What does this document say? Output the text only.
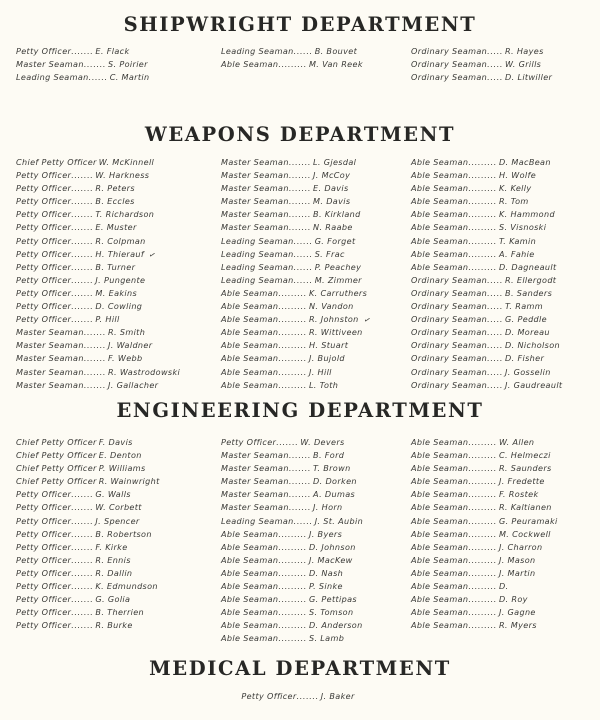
SHIPWRIGHT DEPARTMENT
Petty Officer ....... E. Flack
Master Seaman ....... S. Poirier
Leading Seaman ...... C. Martin
Leading Seaman ...... B. Bouvet
Able Seaman ......... M. Van Reek
Ordinary Seaman ..... R. Hayes
Ordinary Seaman ..... W. Grills
Ordinary Seaman ..... D. Litwiller
WEAPONS DEPARTMENT
Chief Petty Officer W. McKinnell
Petty Officer ....... W. Harkness
Petty Officer ....... R. Peters
Petty Officer ....... B. Eccles
Petty Officer ....... T. Richardson
Petty Officer ....... E. Muster
Petty Officer ....... R. Colpman
Petty Officer ....... H. Thierauf ✓
Petty Officer ....... B. Turner
Petty Officer ....... J. Pungente
Petty Officer ....... M. Eakins
Petty Officer ....... D. Cowling
Petty Officer ....... P. Hill
Master Seaman ....... R. Smith
Master Seaman ....... J. Waldner
Master Seaman ....... F. Webb
Master Seaman ....... R. Wastrodowski
Master Seaman ....... J. Gallacher
Master Seaman ....... L. Gjesdal
Master Seaman ....... J. McCoy
Master Seaman ....... E. Davis
Master Seaman ....... M. Davis
Master Seaman ....... B. Kirkland
Master Seaman ....... N. Raabe
Leading Seaman ...... G. Forget
Leading Seaman ...... S. Frac
Leading Seaman ...... P. Peachey
Leading Seaman ...... M. Zimmer
Able Seaman ......... K. Carruthers
Able Seaman ......... N. Vandon
Able Seaman ......... R. Johnston ✓
Able Seaman ......... R. Wittiveen
Able Seaman ......... H. Stuart
Able Seaman ......... J. Bujold
Able Seaman ......... J. Hill
Able Seaman ......... L. Toth
Able Seaman ......... D. MacBean
Able Seaman ......... H. Wolfe
Able Seaman ......... K. Kelly
Able Seaman ......... R. Tom
Able Seaman ......... K. Hammond
Able Seaman ......... S. Visnoski
Able Seaman ......... T. Kamin
Able Seaman ......... A. Fahie
Able Seaman ......... D. Dagneault
Ordinary Seaman ..... R. Ellergodt
Ordinary Seaman ..... B. Sanders
Ordinary Seaman ..... T. Ramm
Ordinary Seaman ..... G. Peddle
Ordinary Seaman ..... D. Moreau
Ordinary Seaman ..... D. Nicholson
Ordinary Seaman ..... D. Fisher
Ordinary Seaman ..... J. Gosselin
Ordinary Seaman ..... J. Gaudreault
ENGINEERING DEPARTMENT
Chief Petty Officer F. Davis
Chief Petty Officer E. Denton
Chief Petty Officer P. Williams
Chief Petty Officer R. Wainwright
Petty Officer ....... G. Walls
Petty Officer ....... W. Corbett
Petty Officer ....... J. Spencer
Petty Officer ....... B. Robertson
Petty Officer ....... F. Kirke
Petty Officer ....... R. Ennis
Petty Officer ....... R. Dallin
Petty Officer ....... K. Edmundson
Petty Officer ....... G. Golia
Petty Officer ....... B. Therrien
Petty Officer ....... R. Burke
Petty Officer ....... W. Devers
Master Seaman ....... B. Ford
Master Seaman ....... T. Brown
Master Seaman ....... D. Dorken
Master Seaman ....... A. Dumas
Master Seaman ....... J. Horn
Leading Seaman ...... J. St. Aubin
Able Seaman ......... J. Byers
Able Seaman ......... D. Johnson
Able Seaman ......... J. MacKew
Able Seaman ......... D. Nash
Able Seaman ......... P. Sinke
Able Seaman ......... G. Pettipas
Able Seaman ......... S. Tomson
Able Seaman ......... D. Anderson
Able Seaman ......... S. Lamb
Able Seaman ......... W. Allen
Able Seaman ......... C. Helmeczi
Able Seaman ......... R. Saunders
Able Seaman ......... J. Fredette
Able Seaman ......... F. Rostek
Able Seaman ......... R. Kaltianen
Able Seaman ......... G. Peuramaki
Able Seaman ......... M. Cockwell
Able Seaman ......... J. Charron
Able Seaman ......... J. Mason
Able Seaman ......... J. Martin
Able Seaman ......... D.
Able Seaman ......... D. Roy
Able Seaman ......... J. Gagne
Able Seaman ......... R. Myers
MEDICAL DEPARTMENT
Petty Officer ....... J. Baker
